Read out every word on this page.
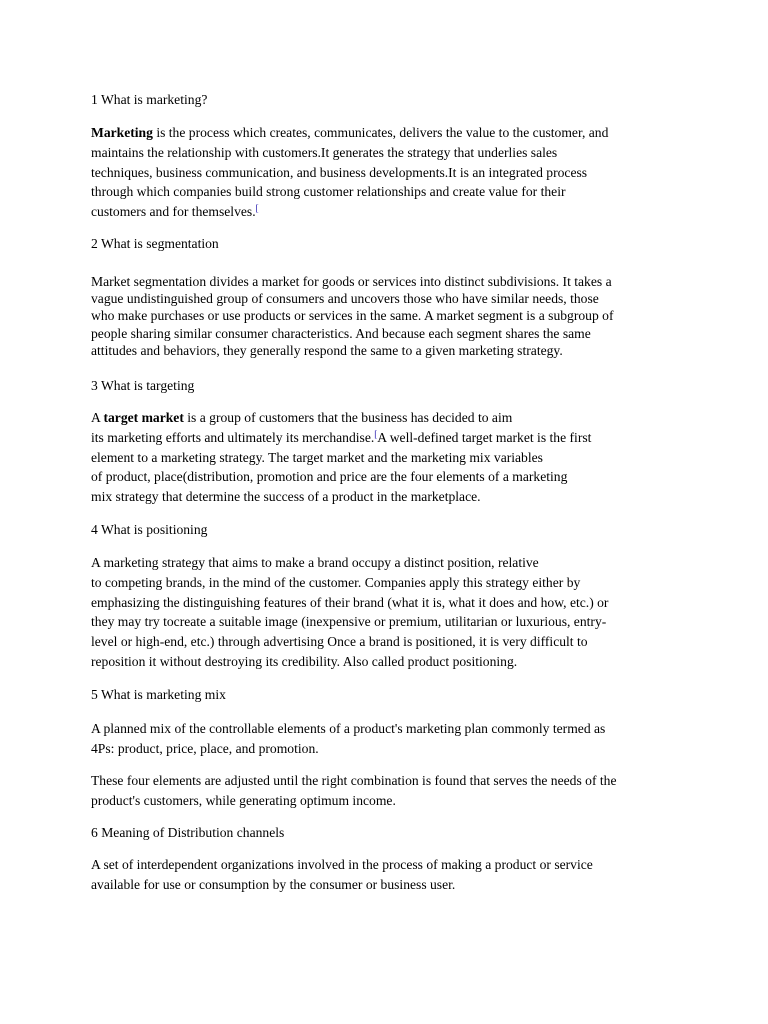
1 What is marketing?
Marketing is the process which creates, communicates, delivers the value to the customer, and
maintains the relationship with customers.It generates the strategy that underlies sales
techniques, business communication, and business developments.It is an integrated process
through which companies build strong customer relationships and create value for their
customers and for themselves.[
2 What is segmentation
Market segmentation divides a market for goods or services into distinct subdivisions. It takes a
vague undistinguished group of consumers and uncovers those who have similar needs, those
who make purchases or use products or services in the same. A market segment is a subgroup of
people sharing similar consumer characteristics. And because each segment shares the same
attitudes and behaviors, they generally respond the same to a given marketing strategy.
3 What is targeting
A target market is a group of customers that the business has decided to aim
its marketing efforts and ultimately its merchandise.[A well-defined target market is the first
element to a marketing strategy. The target market and the marketing mix variables
of product, place(distribution, promotion and price are the four elements of a marketing
mix strategy that determine the success of a product in the marketplace.
4 What is positioning
A marketing strategy that aims to make a brand occupy a distinct position, relative
to competing brands, in the mind of the customer. Companies apply this strategy either by
emphasizing the distinguishing features of their brand (what it is, what it does and how, etc.) or
they may try tocreate a suitable image (inexpensive or premium, utilitarian or luxurious, entry-
level or high-end, etc.) through advertising Once a brand is positioned, it is very difficult to
reposition it without destroying its credibility. Also called product positioning.
5 What is marketing mix
A planned mix of the controllable elements of a product's marketing plan commonly termed as
4Ps: product, price, place, and promotion.
These four elements are adjusted until the right combination is found that serves the needs of the
product's customers, while generating optimum income.
6 Meaning of Distribution channels
A set of interdependent organizations involved in the process of making a product or service
available for use or consumption by the consumer or business user.
